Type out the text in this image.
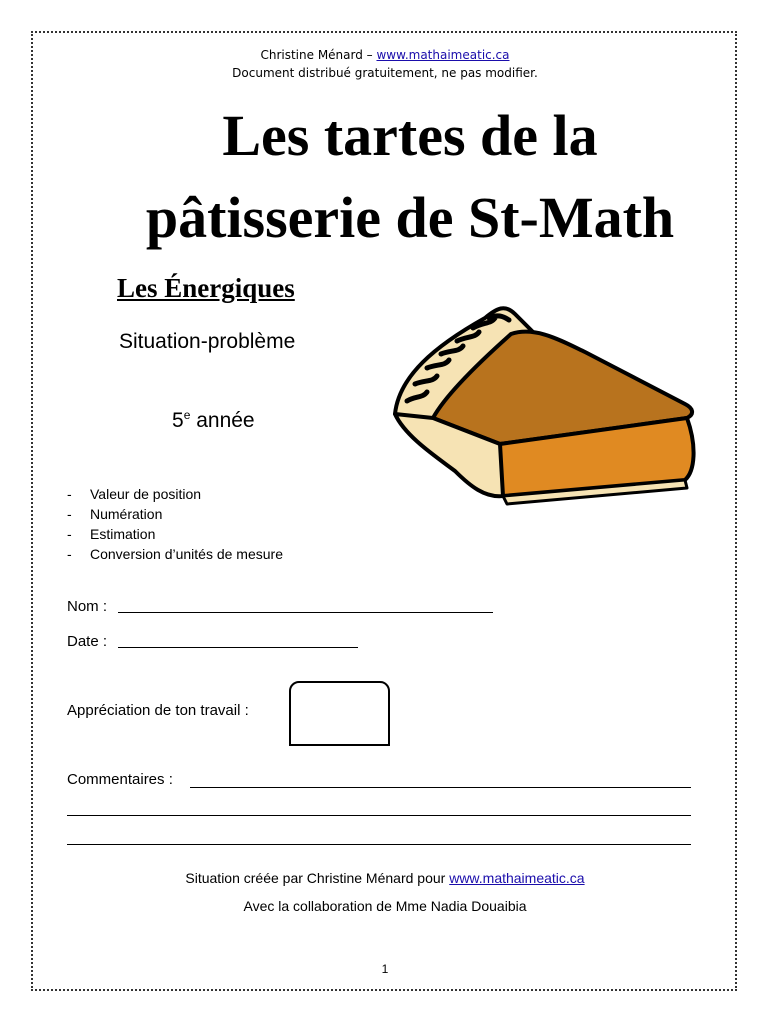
Christine Ménard – www.mathaimeatic.ca
Document distribué gratuitement, ne pas modifier.
Les tartes de la
pâtisserie de St-Math
Les Énergiques
Situation-problème
5e année
- Valeur de position
- Numération
- Estimation
- Conversion d’unités de mesure
Nom :
Date :
Appréciation de ton travail :
Commentaires :
Situation créée par Christine Ménard pour www.mathaimeatic.ca
Avec la collaboration de Mme Nadia Douaibia
1
